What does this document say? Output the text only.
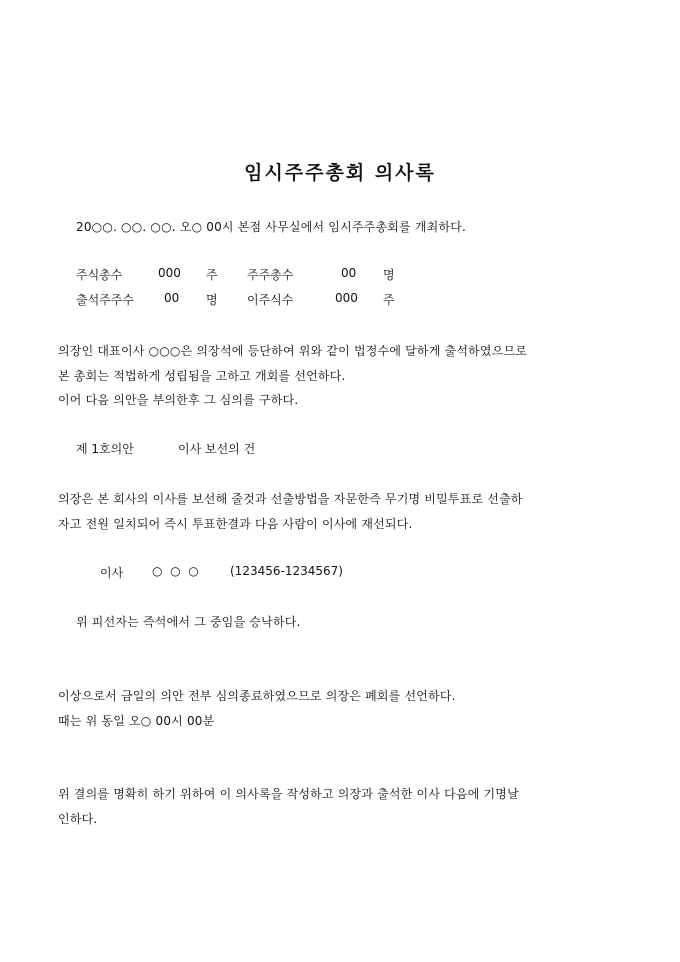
임시주주총회 의사록
20○○. ○○. ○○. 오○ 00시 본점 사무실에서 임시주주총회를 개최하다.
주식총수	000 주 주주총수	00 명
출석주주수	00 명 이주식수	000 주
의장인 대표이사 ○○○은 의장석에 등단하여 위와 같이 법정수에 달하게 출석하였으므로
본 총회는 적법하게 성립됨을 고하고 개회를 선언하다.
이어 다음 의안을 부의한후 그 심의를 구하다.
제 1호의안	이사 보선의 건
의장은 본 회사의 이사를 보선해 줄것과 선출방법을 자문한즉 무기명 비밀투표로 선출하
자고 전원 일치되어 즉시 투표한결과 다음 사람이 이사에 재선되다.
이사 ○  ○  ○	(123456-1234567)
위 피선자는 즉석에서 그 중임을 승낙하다.
이상으로서 금일의 의안 전부 심의종료하였으므로 의장은 폐회를 선언하다.
때는 위 동일 오○ 00시 00분
위 결의를 명확히 하기 위하여 이 의사록을 작성하고 의장과 출석한 이사 다음에 기명날
인하다.
